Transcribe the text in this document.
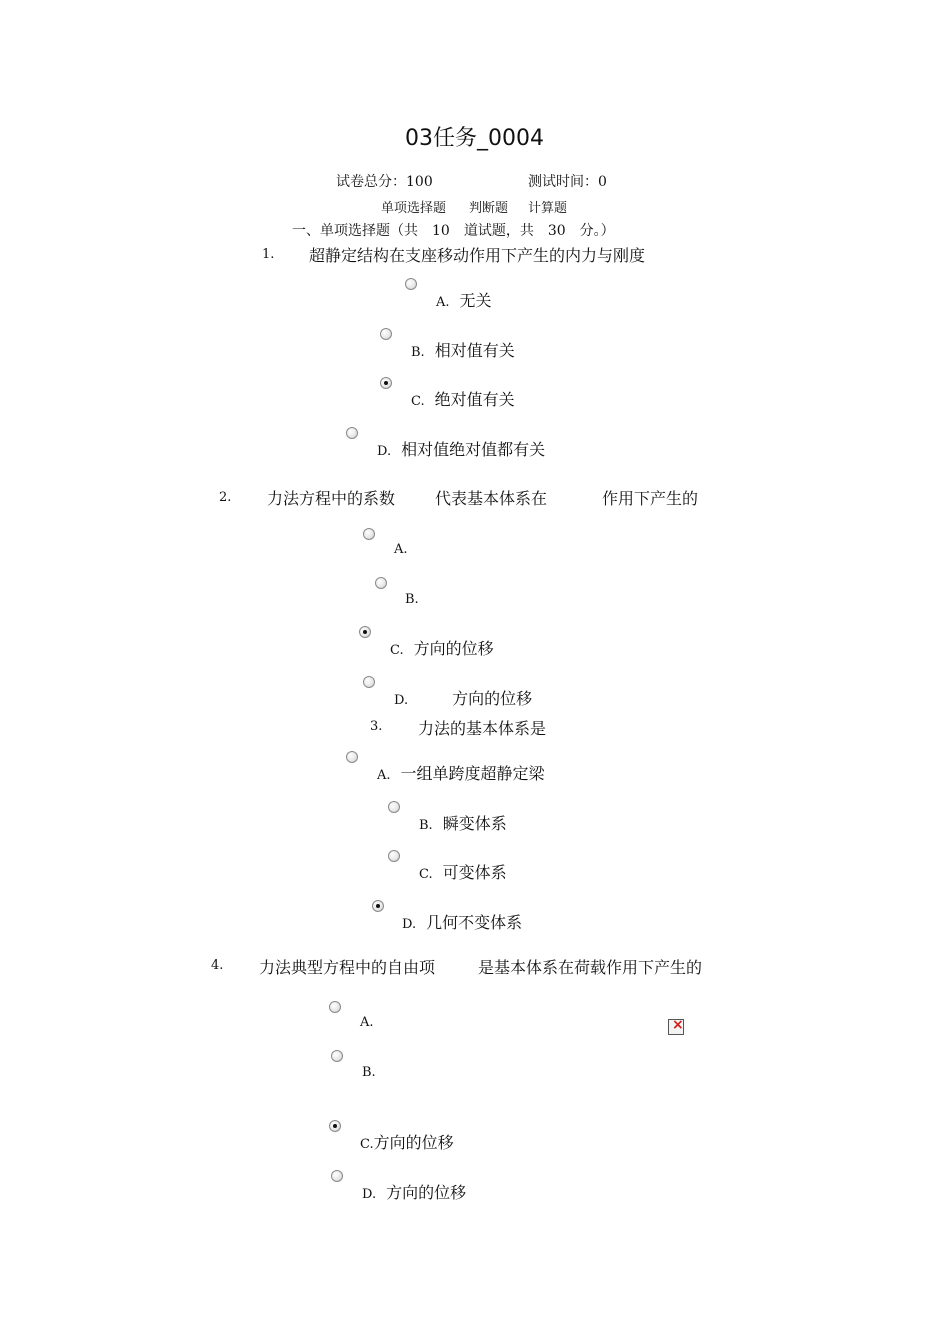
03任务_0004
试卷总分：100	测试时间：0
单项选择题 判断题 计算题
一、单项选择题（共　10　道试题，共　30　分。）
1. 超静定结构在支座移动作用下产生的内力与刚度
A. 无关
B. 相对值有关
C. 绝对值有关
D. 相对值绝对值都有关
2. 力法方程中的系数 代表基本体系在	作用下产生的
A.
B.
C. 方向的位移
D.	方向的位移
3. 力法的基本体系是
A. 一组单跨度超静定梁
B. 瞬变体系
C. 可变体系
D. 几何不变体系
4. 力法典型方程中的自由项	是基本体系在荷载作用下产生的
A.
×
B.
C.方向的位移
D. 方向的位移
